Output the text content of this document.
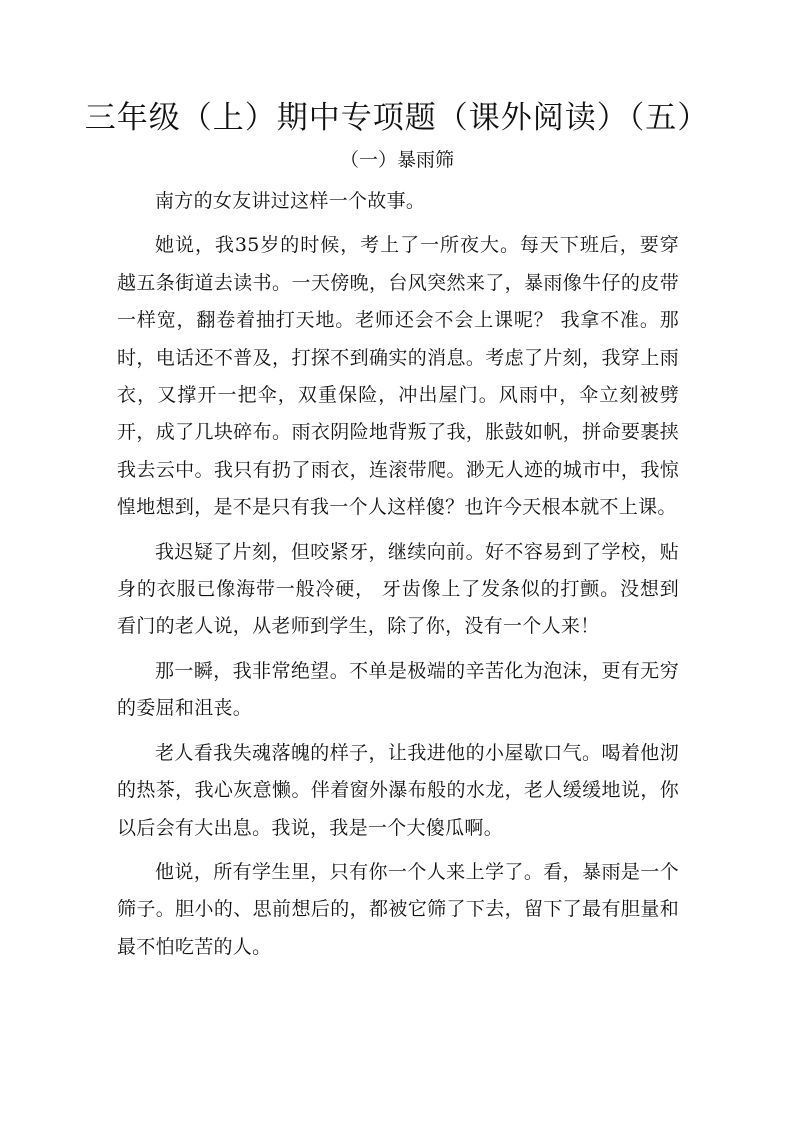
三年级（上）期中专项题（课外阅读）（五）
（一）暴雨筛

南方的女友讲过这样一个故事。

她说，我35岁的时候，考上了一所夜大。每天下班后，要穿越五条街道去读书。一天傍晚，台风突然来了，暴雨像牛仔的皮带一样宽，翻卷着抽打天地。老师还会不会上课呢？ 我拿不准。那时，电话还不普及，打探不到确实的消息。考虑了片刻，我穿上雨衣，又撑开一把伞，双重保险，冲出屋门。风雨中，伞立刻被劈开，成了几块碎布。雨衣阴险地背叛了我，胀鼓如帆，拼命要裹挟我去云中。我只有扔了雨衣，连滚带爬。渺无人迹的城市中，我惊惶地想到，是不是只有我一个人这样傻？也许今天根本就不上课。

我迟疑了片刻，但咬紧牙，继续向前。好不容易到了学校，贴身的衣服已像海带一般冷硬， 牙齿像上了发条似的打颤。没想到看门的老人说，从老师到学生，除了你，没有一个人来！

那一瞬，我非常绝望。不单是极端的辛苦化为泡沫，更有无穷的委屈和沮丧。

老人看我失魂落魄的样子，让我进他的小屋歇口气。喝着他沏的热茶，我心灰意懒。伴着窗外瀑布般的水龙，老人缓缓地说，你以后会有大出息。我说，我是一个大傻瓜啊。

他说，所有学生里，只有你一个人来上学了。看，暴雨是一个筛子。胆小的、思前想后的，都被它筛了下去，留下了最有胆量和最不怕吃苦的人。
